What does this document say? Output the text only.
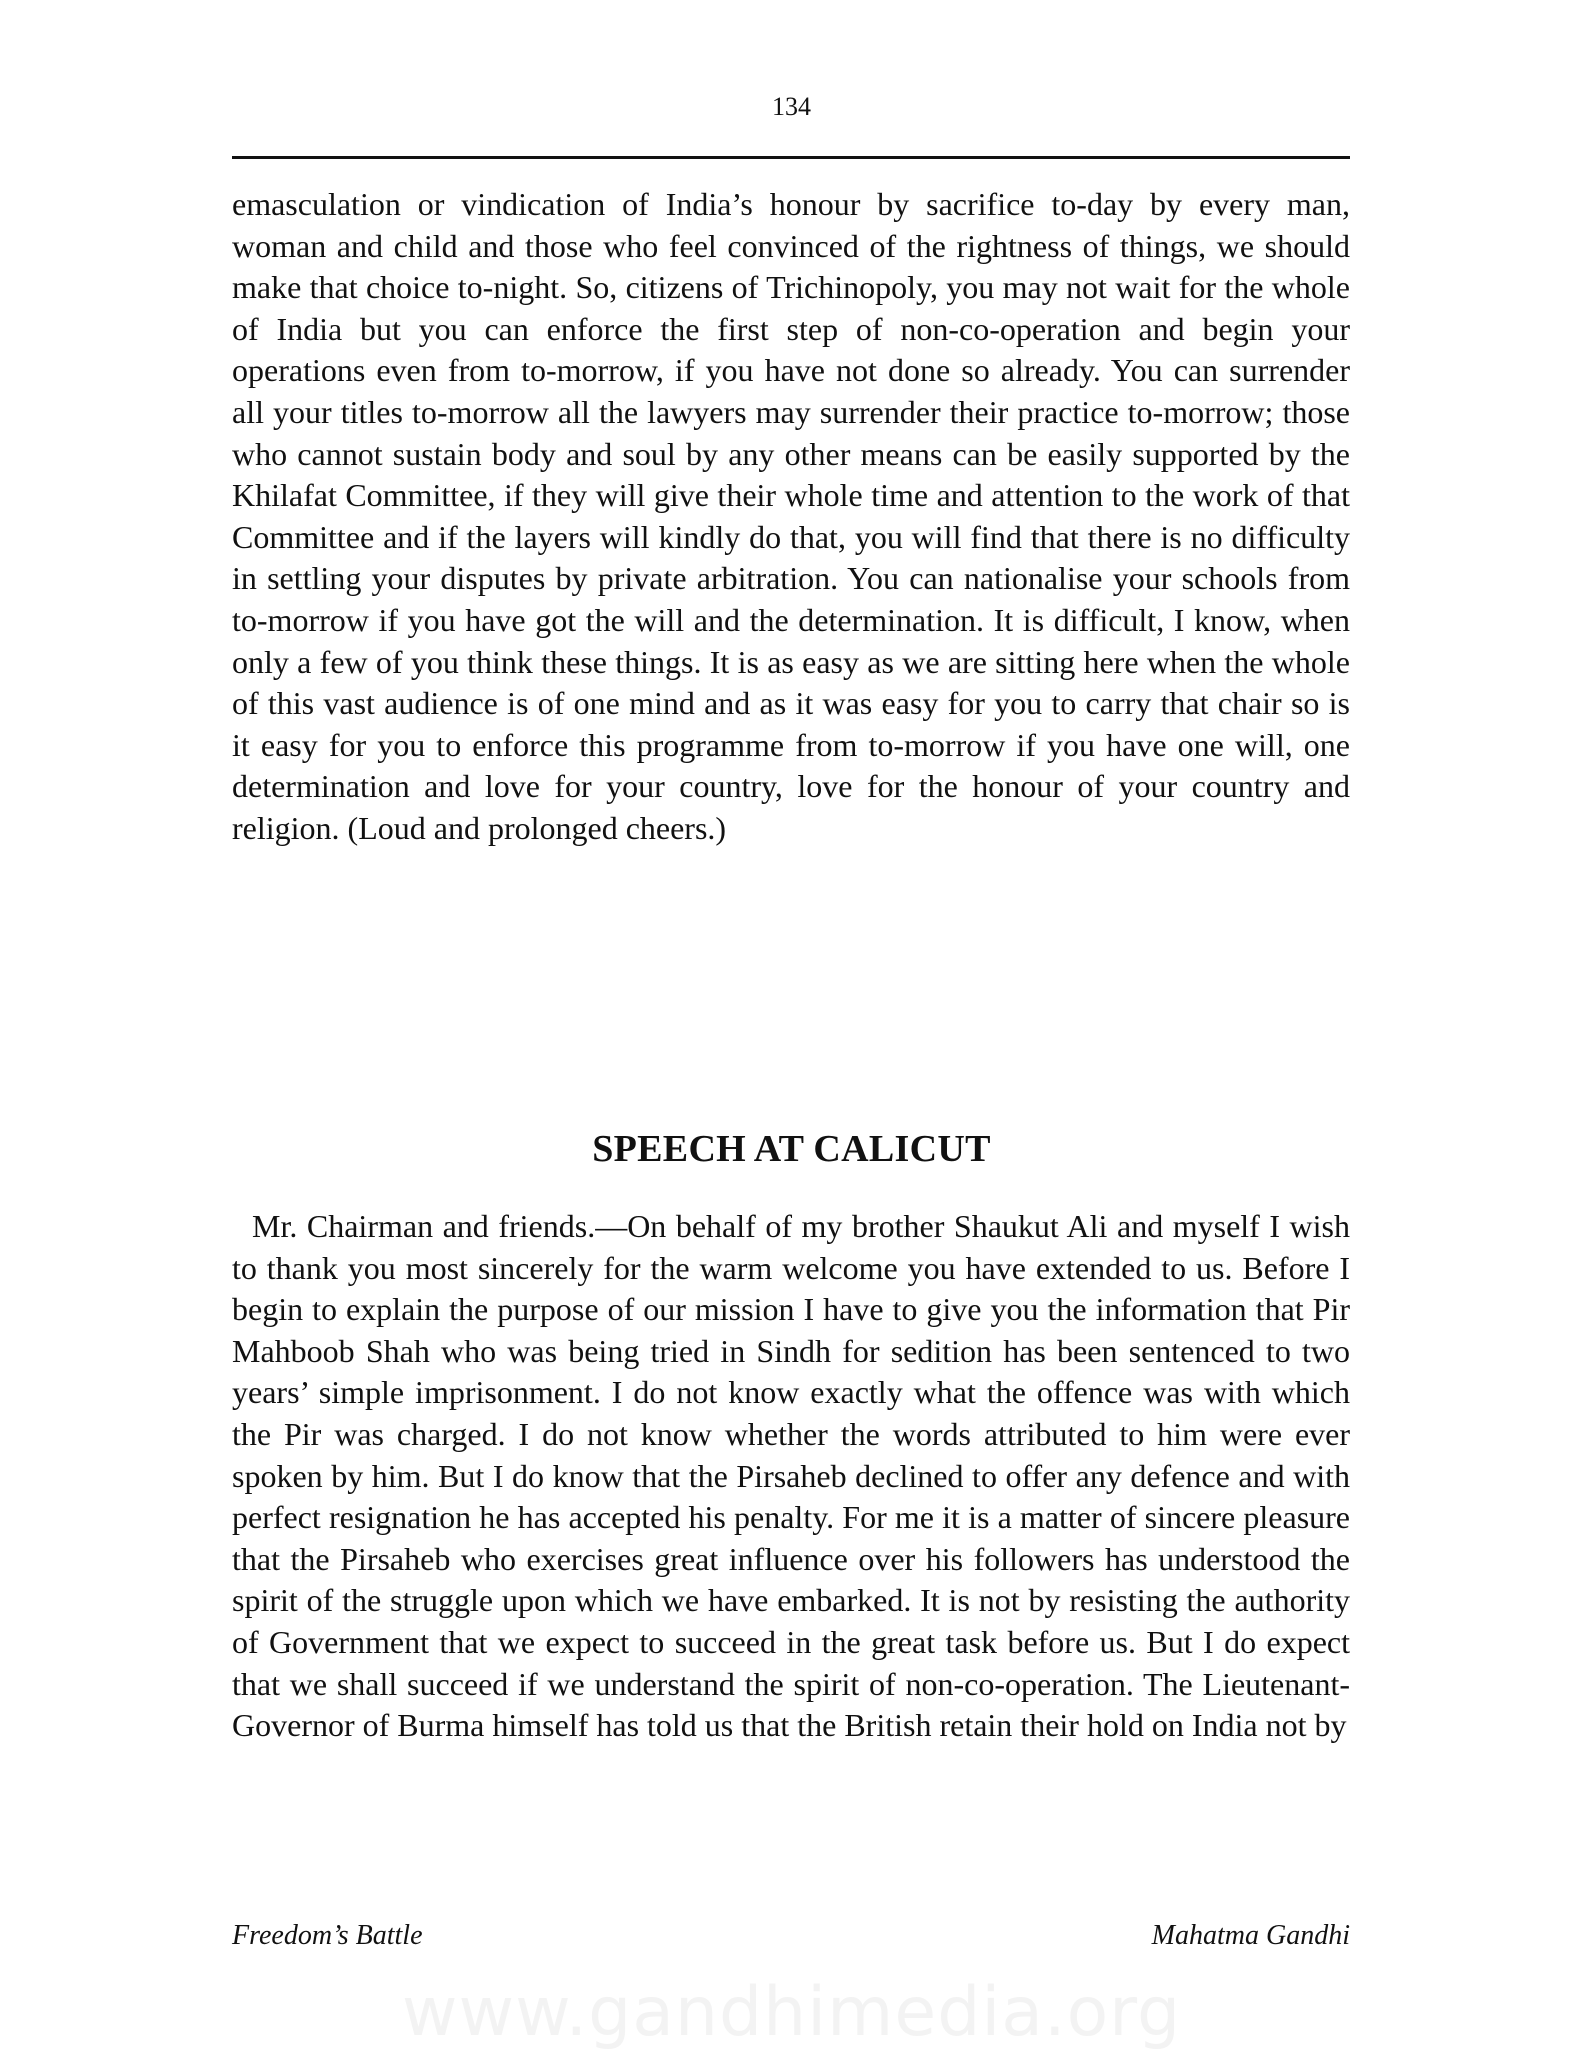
134

emasculation or vindication of India’s honour by sacrifice to-day by every man, woman and child and those who feel convinced of the rightness of things, we should make that choice to-night. So, citizens of Trichinopoly, you may not wait for the whole of India but you can enforce the first step of non-co-operation and begin your operations even from to-morrow, if you have not done so already. You can surrender all your titles to-morrow all the lawyers may surrender their practice to-morrow; those who cannot sustain body and soul by any other means can be easily supported by the Khilafat Committee, if they will give their whole time and attention to the work of that Committee and if the layers will kindly do that, you will find that there is no difficulty in settling your disputes by private arbitration. You can nationalise your schools from to-morrow if you have got the will and the determination. It is difficult, I know, when only a few of you think these things. It is as easy as we are sitting here when the whole of this vast audience is of one mind and as it was easy for you to carry that chair so is it easy for you to enforce this programme from to-morrow if you have one will, one determination and love for your country, love for the honour of your country and religion. (Loud and prolonged cheers.)

SPEECH AT CALICUT

Mr. Chairman and friends.—On behalf of my brother Shaukut Ali and myself I wish to thank you most sincerely for the warm welcome you have extended to us. Before I begin to explain the purpose of our mission I have to give you the information that Pir Mahboob Shah who was being tried in Sindh for sedition has been sentenced to two years’ simple imprisonment. I do not know exactly what the offence was with which the Pir was charged. I do not know whether the words attributed to him were ever spoken by him. But I do know that the Pirsaheb declined to offer any defence and with perfect resignation he has accepted his penalty. For me it is a matter of sincere pleasure that the Pirsaheb who exercises great influence over his followers has understood the spirit of the struggle upon which we have embarked. It is not by resisting the authority of Government that we expect to succeed in the great task before us. But I do expect that we shall succeed if we understand the spirit of non-co-operation. The Lieutenant-Governor of Burma himself has told us that the British retain their hold on India not by

Freedom’s Battle	Mahatma Gandhi
www.gandhimedia.org
